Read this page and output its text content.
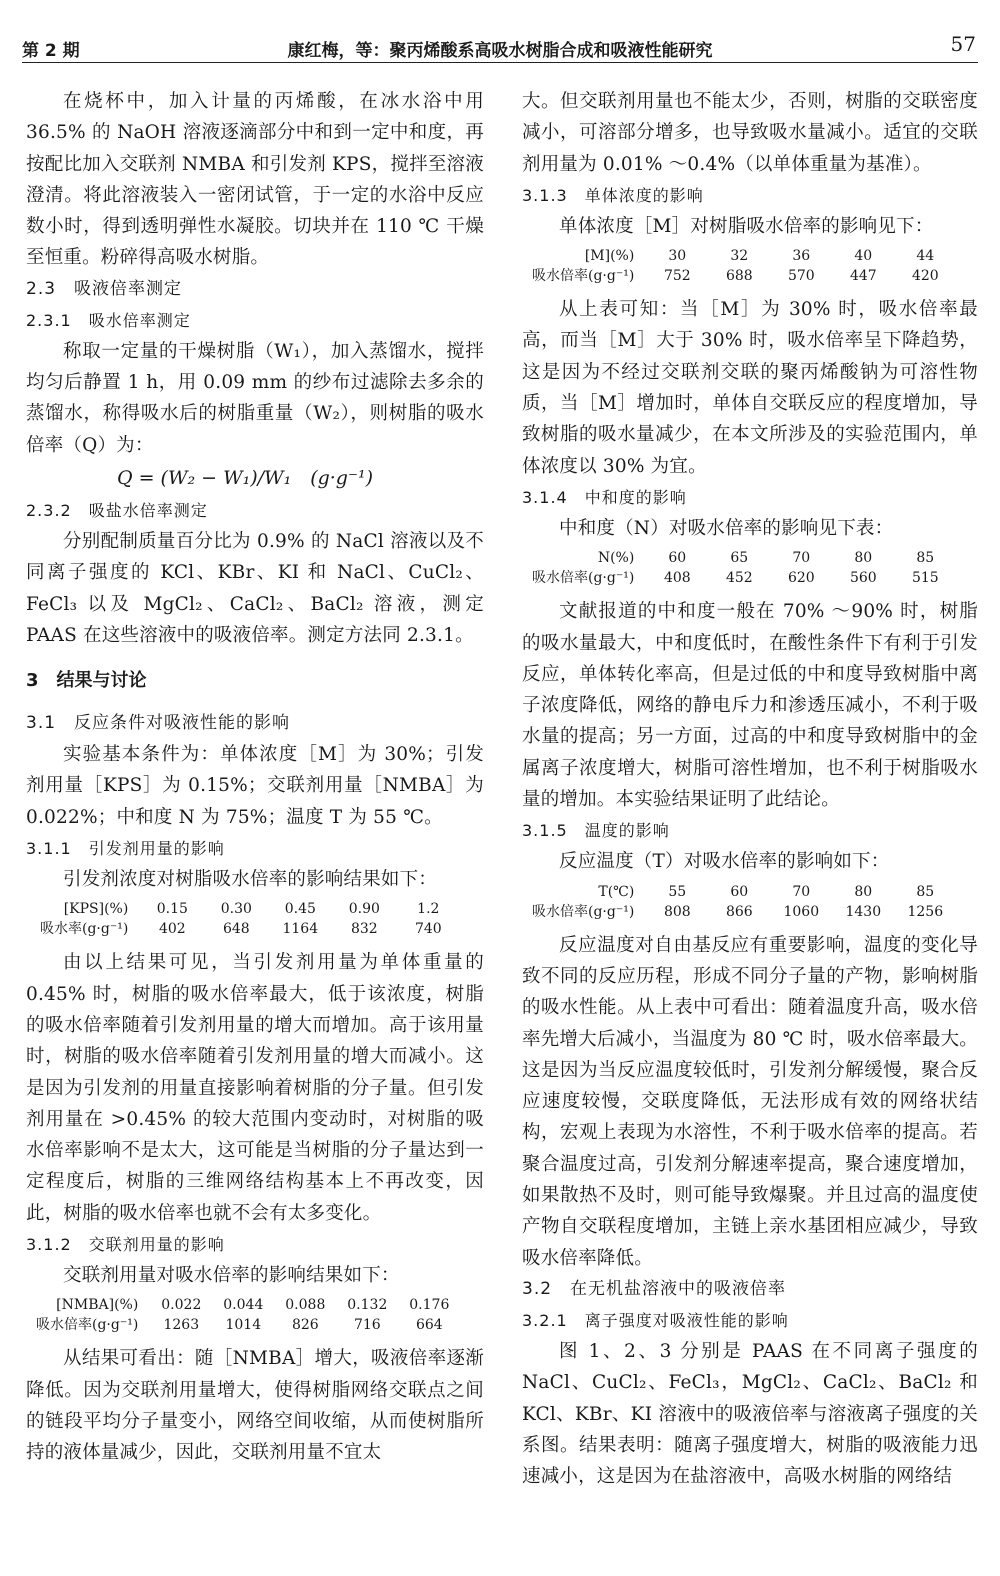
第 2 期	康红梅，等：聚丙烯酸系高吸水树脂合成和吸液性能研究	57

在烧杯中，加入计量的丙烯酸，在冰水浴中用 36.5% 的 NaOH 溶液逐滴部分中和到一定中和度，再按配比加入交联剂 NMBA 和引发剂 KPS，搅拌至溶液澄清。将此溶液装入一密闭试管，于一定的水浴中反应数小时，得到透明弹性水凝胶。切块并在 110 ℃ 干燥至恒重。粉碎得高吸水树脂。

2.3　吸液倍率测定
2.3.1　吸水倍率测定

称取一定量的干燥树脂（W₁），加入蒸馏水，搅拌均匀后静置 1 h，用 0.09 mm 的纱布过滤除去多余的蒸馏水，称得吸水后的树脂重量（W₂），则树脂的吸水倍率（Q）为：

Q = (W₂ − W₁)/W₁　(g·g⁻¹)
2.3.2　吸盐水倍率测定

分别配制质量百分比为 0.9% 的 NaCl 溶液以及不同离子强度的 KCl、KBr、KI 和 NaCl、CuCl₂、FeCl₃ 以及 MgCl₂、CaCl₂、BaCl₂ 溶液，测定 PAAS 在这些溶液中的吸液倍率。测定方法同 2.3.1。

3　结果与讨论
3.1　反应条件对吸液性能的影响

实验基本条件为：单体浓度［M］为 30%；引发剂用量［KPS］为 0.15%；交联剂用量［NMBA］为 0.022%；中和度 N 为 75%；温度 T 为 55 ℃。

3.1.1　引发剂用量的影响

引发剂浓度对树脂吸水倍率的影响结果如下：

[KPS](%)	0.15	0.30	0.45	0.90	1.2
吸水率(g·g⁻¹)	402	648	1164	832	740

由以上结果可见，当引发剂用量为单体重量的 0.45% 时，树脂的吸水倍率最大，低于该浓度，树脂的吸水倍率随着引发剂用量的增大而增加。高于该用量时，树脂的吸水倍率随着引发剂用量的增大而减小。这是因为引发剂的用量直接影响着树脂的分子量。但引发剂用量在 >0.45% 的较大范围内变动时，对树脂的吸水倍率影响不是太大，这可能是当树脂的分子量达到一定程度后，树脂的三维网络结构基本上不再改变，因此，树脂的吸水倍率也就不会有太多变化。

3.1.2　交联剂用量的影响

交联剂用量对吸水倍率的影响结果如下：

[NMBA](%)	0.022	0.044	0.088	0.132	0.176
吸水倍率(g·g⁻¹)	1263	1014	826	716	664

从结果可看出：随［NMBA］增大，吸液倍率逐渐降低。因为交联剂用量增大，使得树脂网络交联点之间的链段平均分子量变小，网络空间收缩，从而使树脂所持的液体量减少，因此，交联剂用量不宜太

大。但交联剂用量也不能太少，否则，树脂的交联密度减小，可溶部分增多，也导致吸水量减小。适宜的交联剂用量为 0.01% ～0.4%（以单体重量为基准）。

3.1.3　单体浓度的影响

单体浓度［M］对树脂吸水倍率的影响见下：

[M](%)	30	32	36	40	44
吸水倍率(g·g⁻¹)	752	688	570	447	420

从上表可知：当［M］为 30% 时，吸水倍率最高，而当［M］大于 30% 时，吸水倍率呈下降趋势，这是因为不经过交联剂交联的聚丙烯酸钠为可溶性物质，当［M］增加时，单体自交联反应的程度增加，导致树脂的吸水量减少，在本文所涉及的实验范围内，单体浓度以 30% 为宜。

3.1.4　中和度的影响

中和度（N）对吸水倍率的影响见下表：

N(%)	60	65	70	80	85
吸水倍率(g·g⁻¹)	408	452	620	560	515

文献报道的中和度一般在 70% ～90% 时，树脂的吸水量最大，中和度低时，在酸性条件下有利于引发反应，单体转化率高，但是过低的中和度导致树脂中离子浓度降低，网络的静电斥力和渗透压减小，不利于吸水量的提高；另一方面，过高的中和度导致树脂中的金属离子浓度增大，树脂可溶性增加，也不利于树脂吸水量的增加。本实验结果证明了此结论。

3.1.5　温度的影响

反应温度（T）对吸水倍率的影响如下：

T(℃)	55	60	70	80	85
吸水倍率(g·g⁻¹)	808	866	1060	1430	1256

反应温度对自由基反应有重要影响，温度的变化导致不同的反应历程，形成不同分子量的产物，影响树脂的吸水性能。从上表中可看出：随着温度升高，吸水倍率先增大后减小，当温度为 80 ℃ 时，吸水倍率最大。这是因为当反应温度较低时，引发剂分解缓慢，聚合反应速度较慢，交联度降低，无法形成有效的网络状结构，宏观上表现为水溶性，不利于吸水倍率的提高。若聚合温度过高，引发剂分解速率提高，聚合速度增加，如果散热不及时，则可能导致爆聚。并且过高的温度使产物自交联程度增加，主链上亲水基团相应减少，导致吸水倍率降低。

3.2　在无机盐溶液中的吸液倍率
3.2.1　离子强度对吸液性能的影响

图 1、2、3 分别是 PAAS 在不同离子强度的 NaCl、CuCl₂、FeCl₃，MgCl₂、CaCl₂、BaCl₂ 和 KCl、KBr、KI 溶液中的吸液倍率与溶液离子强度的关系图。结果表明：随离子强度增大，树脂的吸液能力迅速减小，这是因为在盐溶液中，高吸水树脂的网络结
